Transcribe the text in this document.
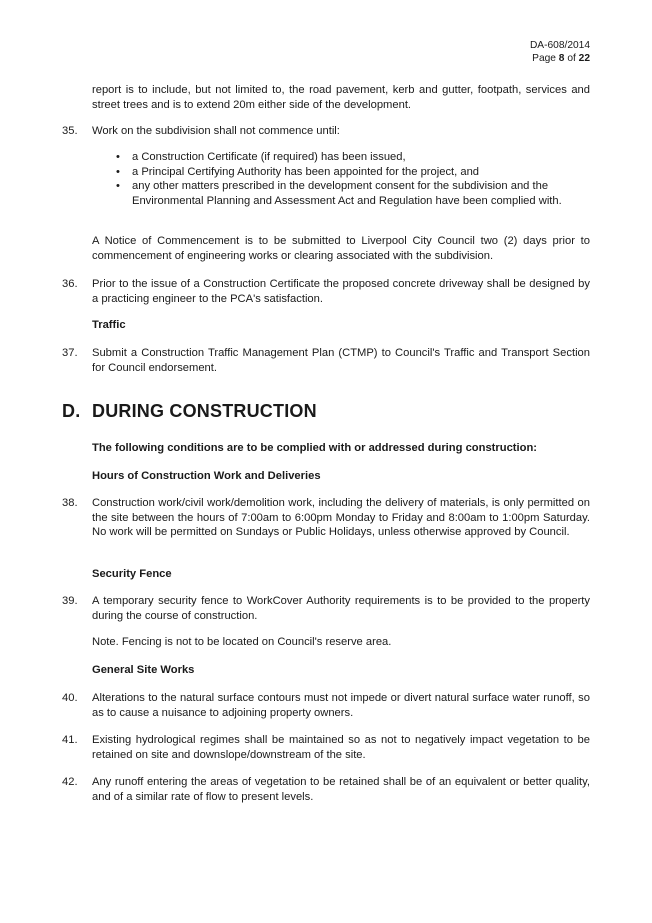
DA-608/2014
Page 8 of 22
report is to include, but not limited to, the road pavement, kerb and gutter, footpath, services and street trees and is to extend 20m either side of the development.
35. Work on the subdivision shall not commence until:
• a Construction Certificate (if required) has been issued,
• a Principal Certifying Authority has been appointed for the project, and
• any other matters prescribed in the development consent for the subdivision and the Environmental Planning and Assessment Act and Regulation have been complied with.
A Notice of Commencement is to be submitted to Liverpool City Council two (2) days prior to commencement of engineering works or clearing associated with the subdivision.
36. Prior to the issue of a Construction Certificate the proposed concrete driveway shall be designed by a practicing engineer to the PCA's satisfaction.
Traffic
37. Submit a Construction Traffic Management Plan (CTMP) to Council's Traffic and Transport Section for Council endorsement.
D. DURING CONSTRUCTION
The following conditions are to be complied with or addressed during construction:
Hours of Construction Work and Deliveries
38. Construction work/civil work/demolition work, including the delivery of materials, is only permitted on the site between the hours of 7:00am to 6:00pm Monday to Friday and 8:00am to 1:00pm Saturday. No work will be permitted on Sundays or Public Holidays, unless otherwise approved by Council.
Security Fence
39. A temporary security fence to WorkCover Authority requirements is to be provided to the property during the course of construction.
Note. Fencing is not to be located on Council's reserve area.
General Site Works
40. Alterations to the natural surface contours must not impede or divert natural surface water runoff, so as to cause a nuisance to adjoining property owners.
41. Existing hydrological regimes shall be maintained so as not to negatively impact vegetation to be retained on site and downslope/downstream of the site.
42. Any runoff entering the areas of vegetation to be retained shall be of an equivalent or better quality, and of a similar rate of flow to present levels.
